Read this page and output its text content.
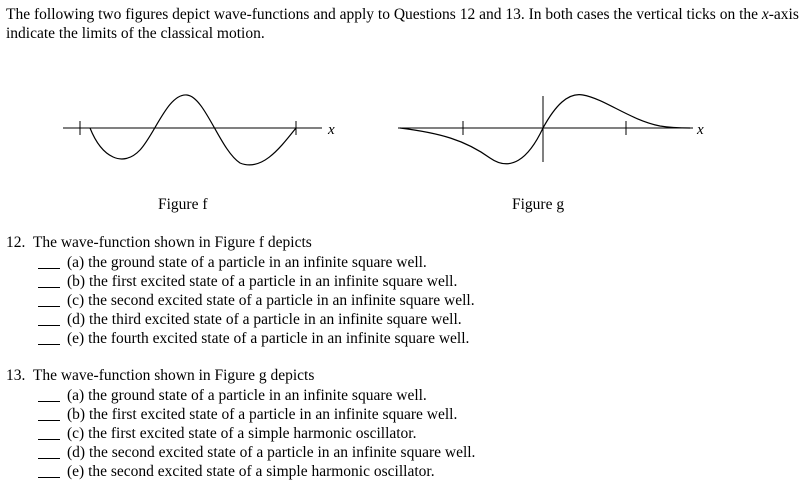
The following two figures depict wave-functions and apply to Questions 12 and 13. In both cases the vertical ticks on the x-axis indicate the limits of the classical motion.
x	x
Figure f	Figure g
12. The wave-function shown in Figure f depicts
(a) the ground state of a particle in an infinite square well.
(b) the first excited state of a particle in an infinite square well.
(c) the second excited state of a particle in an infinite square well.
(d) the third excited state of a particle in an infinite square well.
(e) the fourth excited state of a particle in an infinite square well.
13. The wave-function shown in Figure g depicts
(a) the ground state of a particle in an infinite square well.
(b) the first excited state of a particle in an infinite square well.
(c) the first excited state of a simple harmonic oscillator.
(d) the second excited state of a particle in an infinite square well.
(e) the second excited state of a simple harmonic oscillator.
